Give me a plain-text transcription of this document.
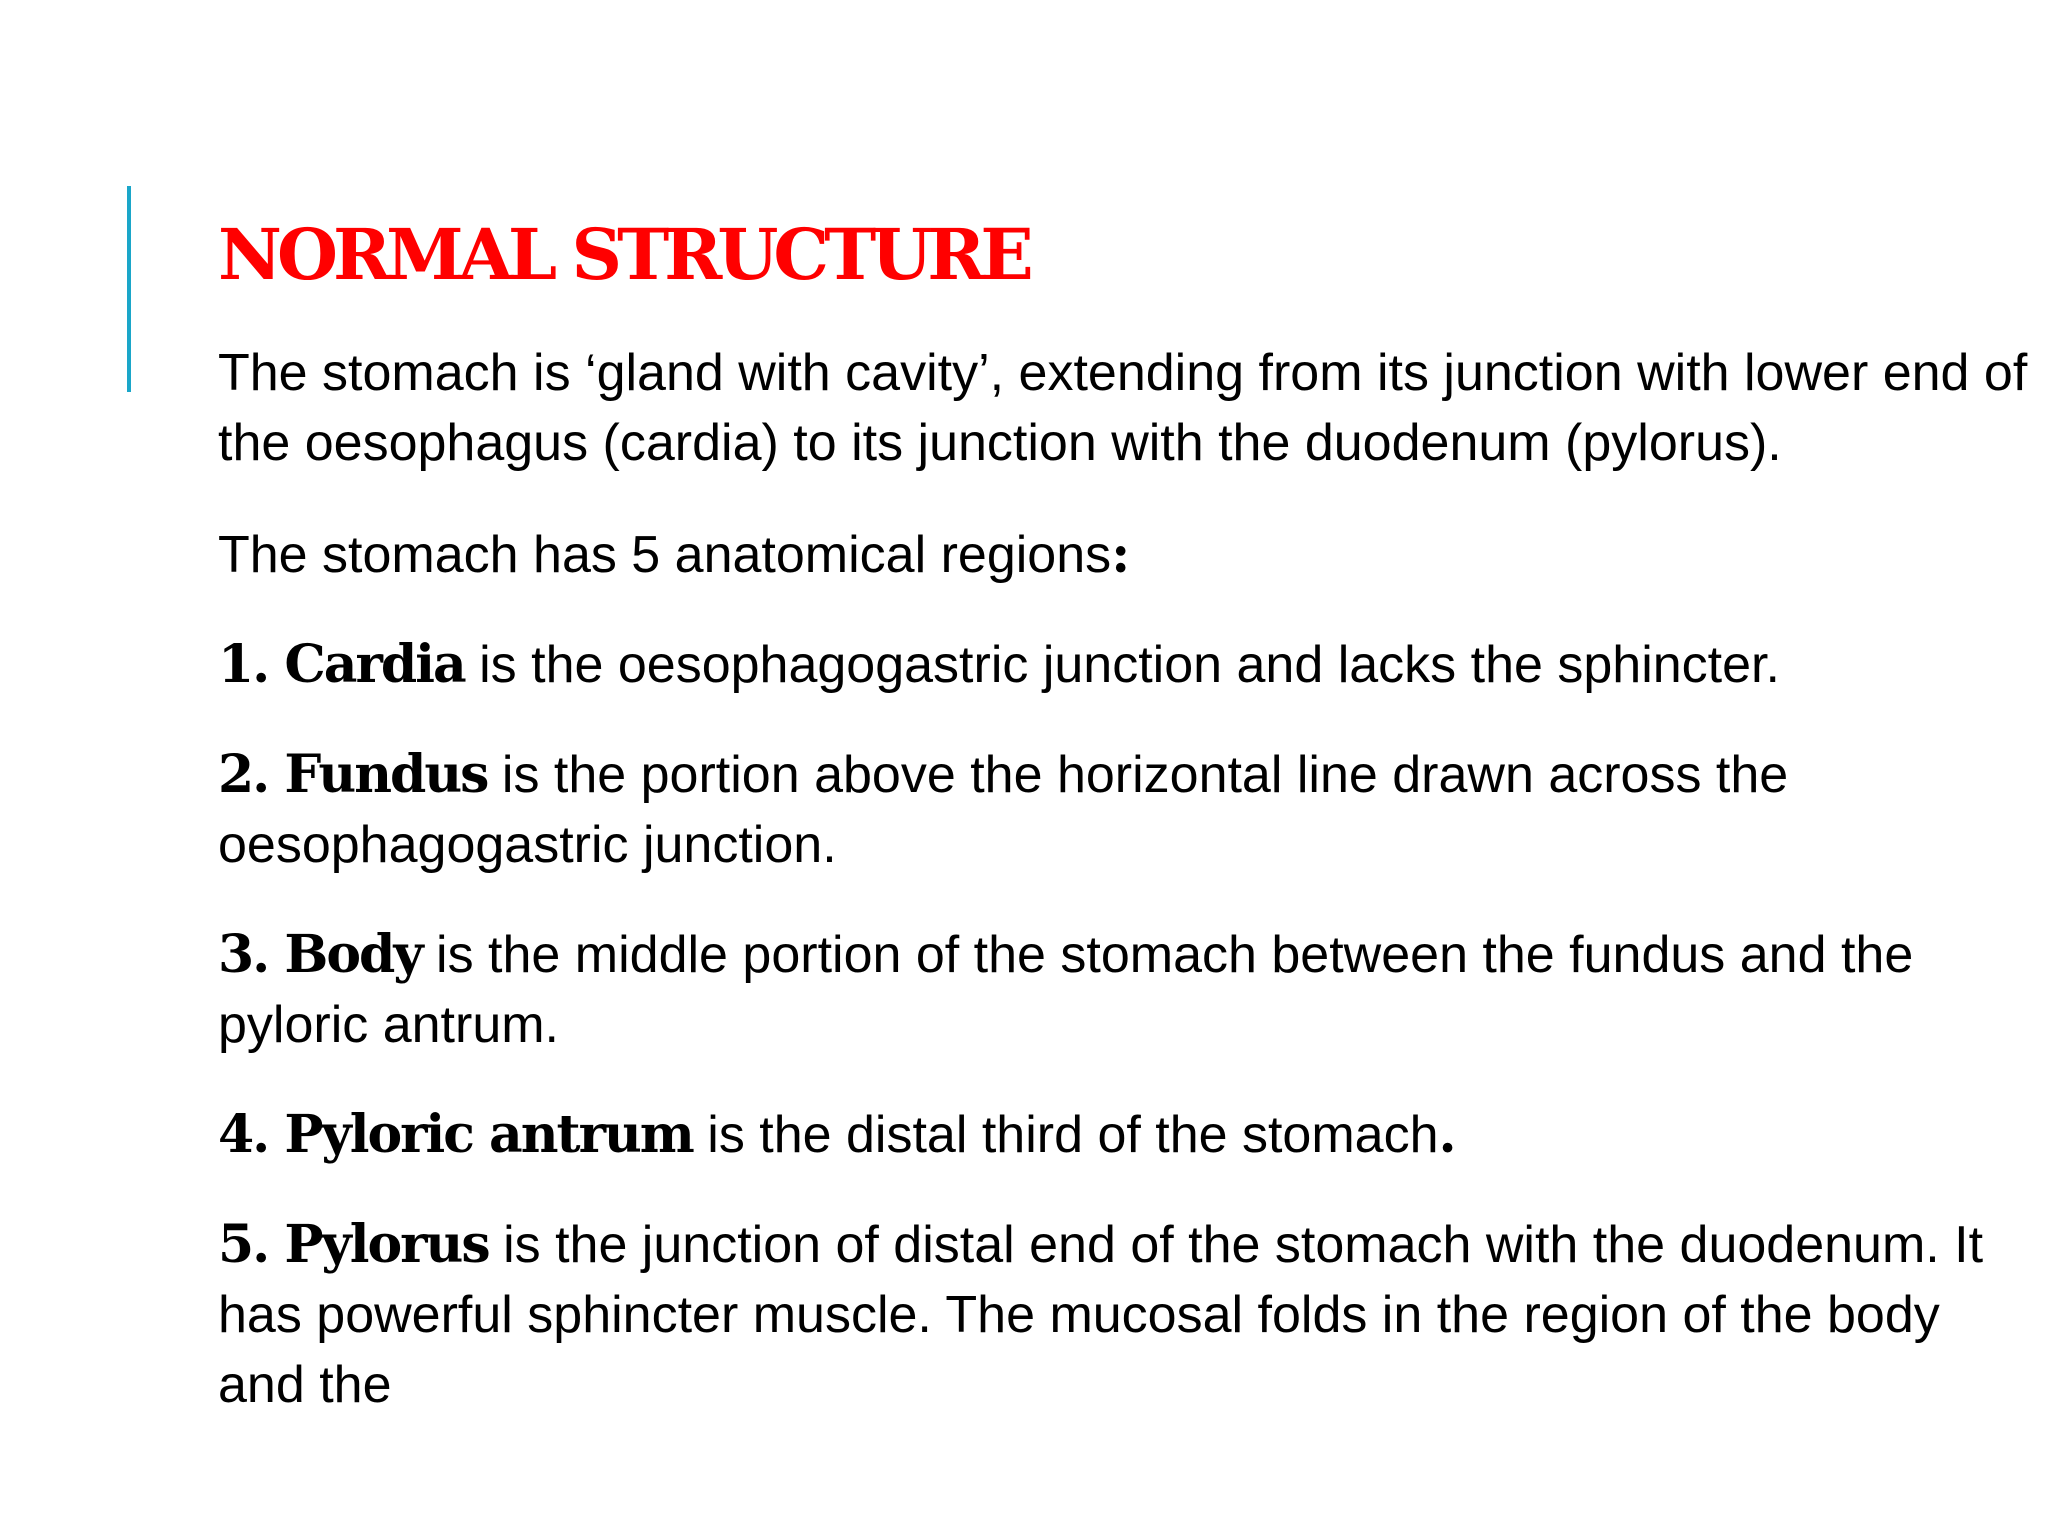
NORMAL STRUCTURE

The stomach is ‘gland with cavity’, extending from its junction with lower end of the oesophagus (cardia) to its junction with the duodenum (pylorus).

The stomach has 5 anatomical regions:

1. Cardia is the oesophagogastric junction and lacks the sphincter.

2. Fundus is the portion above the horizontal line drawn across the oesophagogastric junction.

3. Body is the middle portion of the stomach between the fundus and the pyloric antrum.

4. Pyloric antrum is the distal third of the stomach.

5. Pylorus is the junction of distal end of the stomach with the duodenum. It has powerful sphincter muscle. The mucosal folds in the region of the body and the
